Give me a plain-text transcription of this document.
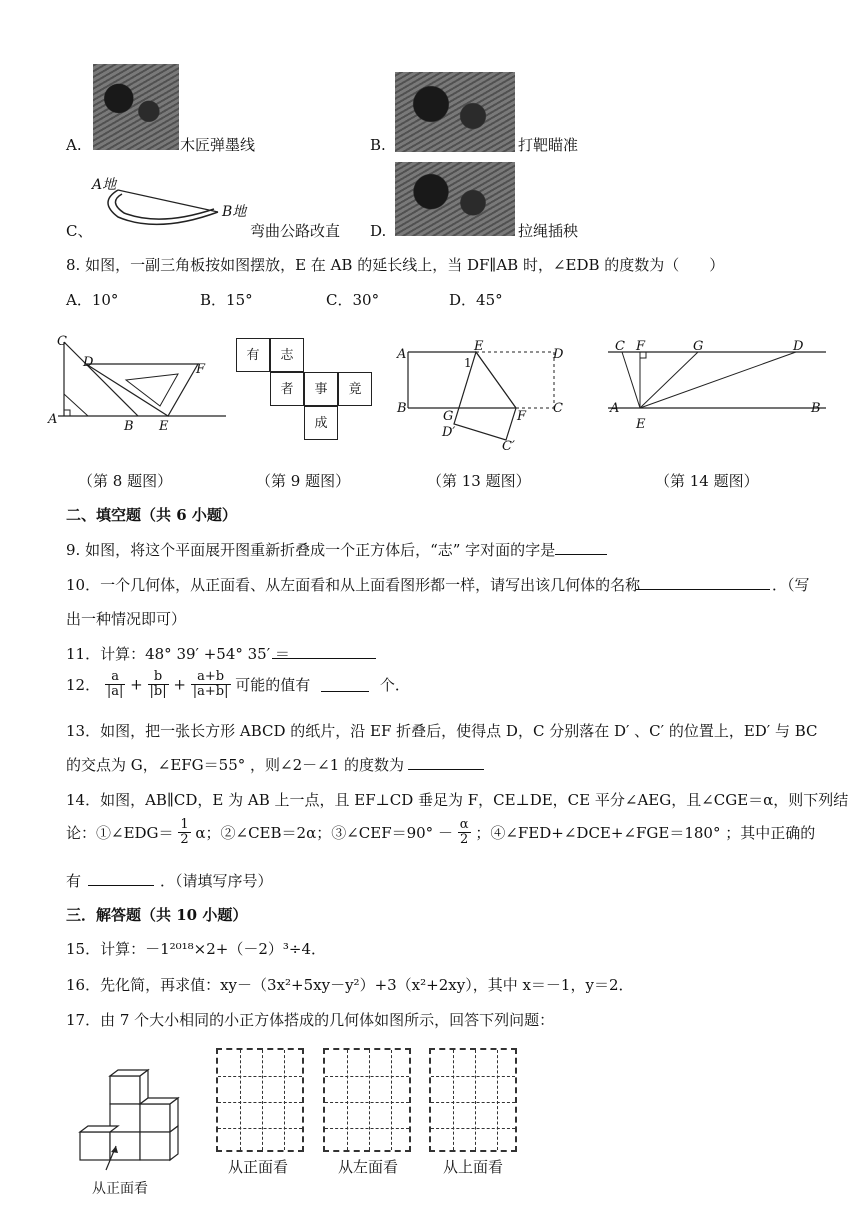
A.	木匠弹墨线	B.	打靶瞄准
A地
B地
C、	弯曲公路改直 D.	拉绳插秧
8. 如图，一副三角板按如图摆放，E 在 AB 的延长线上，当 DF∥AB 时，∠EDB 的度数为（　　）
A．10°	B．15°	C．30°	D．45°
C
D	F
A	B E
（第 8 题图）
有	志
者	事	竟
成
（第 9 题图）
A
E
D
B
G	F
C
D′
C′
1
（第 13 题图）
C F	G	D
A
E
B
（第 14 题图）
二、填空题（共 6 小题）
9. 如图，将这个平面展开图重新折叠成一个正方体后，“志” 字对面的字是
10．一个几何体，从正面看、从左面看和从上面看图形都一样，请写出该几何体的名称	．（写
出一种情况即可）
11．计算：48° 39′ +54° 35′ ＝
12． $\frac{a}{|a|} + \frac{b}{|b|} + \frac{a+b}{|a+b|}$ 可能的值有	个．
13．如图，把一张长方形 ABCD 的纸片，沿 EF 折叠后，使得点 D，C 分别落在 D′ 、C′ 的位置上，ED′ 与 BC
的交点为 G，∠EFG＝55° ，则∠2－∠1 的度数为
14．如图，AB∥CD，E 为 AB 上一点，且 EF⊥CD 垂足为 F，CE⊥DE，CE 平分∠AEG，且∠CGE＝α，则下列结
论：①∠EDG＝ $\frac{1}{2}$ α；②∠CEB＝2α；③∠CEF＝90° － $\frac{\alpha}{2}$ ；④∠FED+∠DCE+∠FGE＝180° ；其中正确的
有	．（请填写序号）
三．解答题（共 10 小题）
15．计算：－1²⁰¹⁸×2+（－2）³÷4．
16．先化简，再求值：xy－（3x²+5xy－y²）+3（x²+2xy），其中 x＝－1，y＝2．
17．由 7 个大小相同的小正方体搭成的几何体如图所示，回答下列问题：
从正面看
从正面看	从左面看	从上面看
